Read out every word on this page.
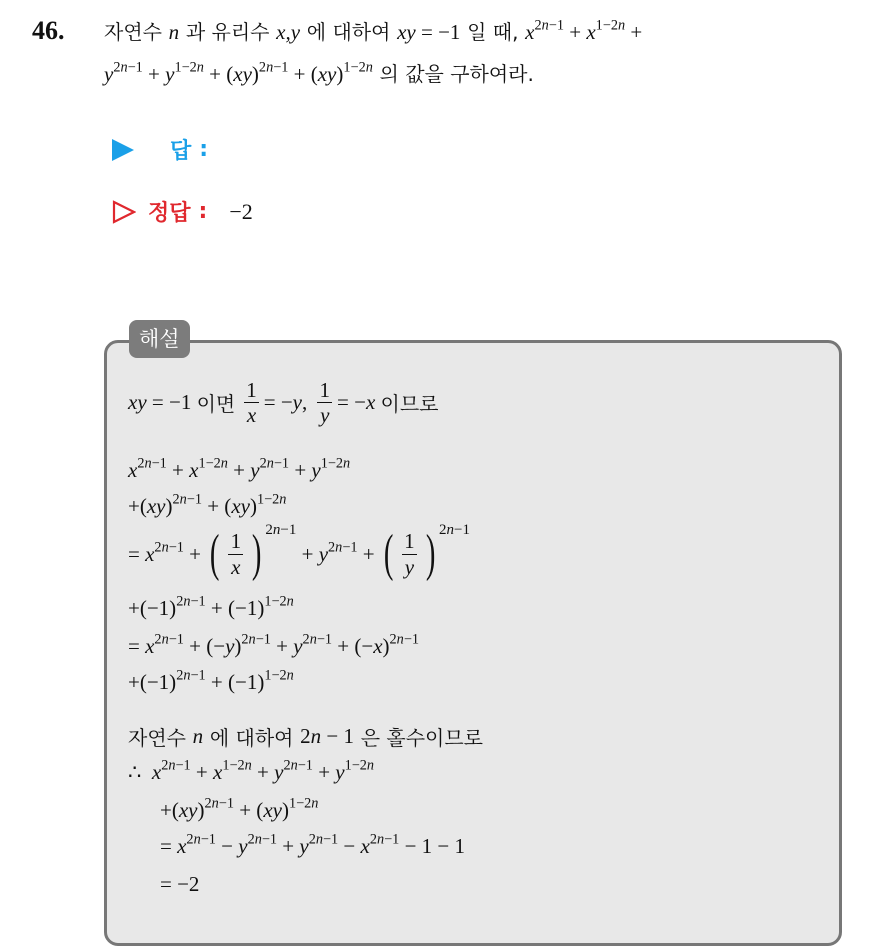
46. 자연수 n 과 유리수 x,y 에 대하여 xy = −1 일 때, $x^{2n-1} + x^{1-2n}$ +
$y^{2n-1} + y^{1-2n} + (xy)^{2n-1} + (xy)^{1-2n}$ 의 값을 구하여라.
답 :
정답 : −2
해설
xy = −1 이면 $\frac{1}{x} = -y$, $\frac{1}{y} = -x$ 이므로
$x^{2n-1} + x^{1-2n} + y^{2n-1} + y^{1-2n}$
+(xy)$^{2n-1}$ + (xy)$^{1-2n}$
= $x^{2n-1}$ + ( $\frac{1}{x}$ ) 2n−1
+ $y^{2n-1}$ + ( $\frac{1}{y}$ ) 2n−1
$+(-1)^{2n-1} + (-1)^{1-2n}$
= $x^{2n-1} + (-y)^{2n-1} + y^{2n-1} + (-x)^{2n-1}$
$+(-1)^{2n-1} + (-1)^{1-2n}$
자연수
n
에 대하여
2n − 1
은 홀수이므로
∴ $x^{2n-1} + x^{1-2n} + y^{2n-1} + y^{1-2n}$
+(xy)$^{2n-1}$ + (xy)$^{1-2n}$
= $x^{2n-1} - y^{2n-1} + y^{2n-1} - x^{2n-1} - 1 - 1$
= −2
